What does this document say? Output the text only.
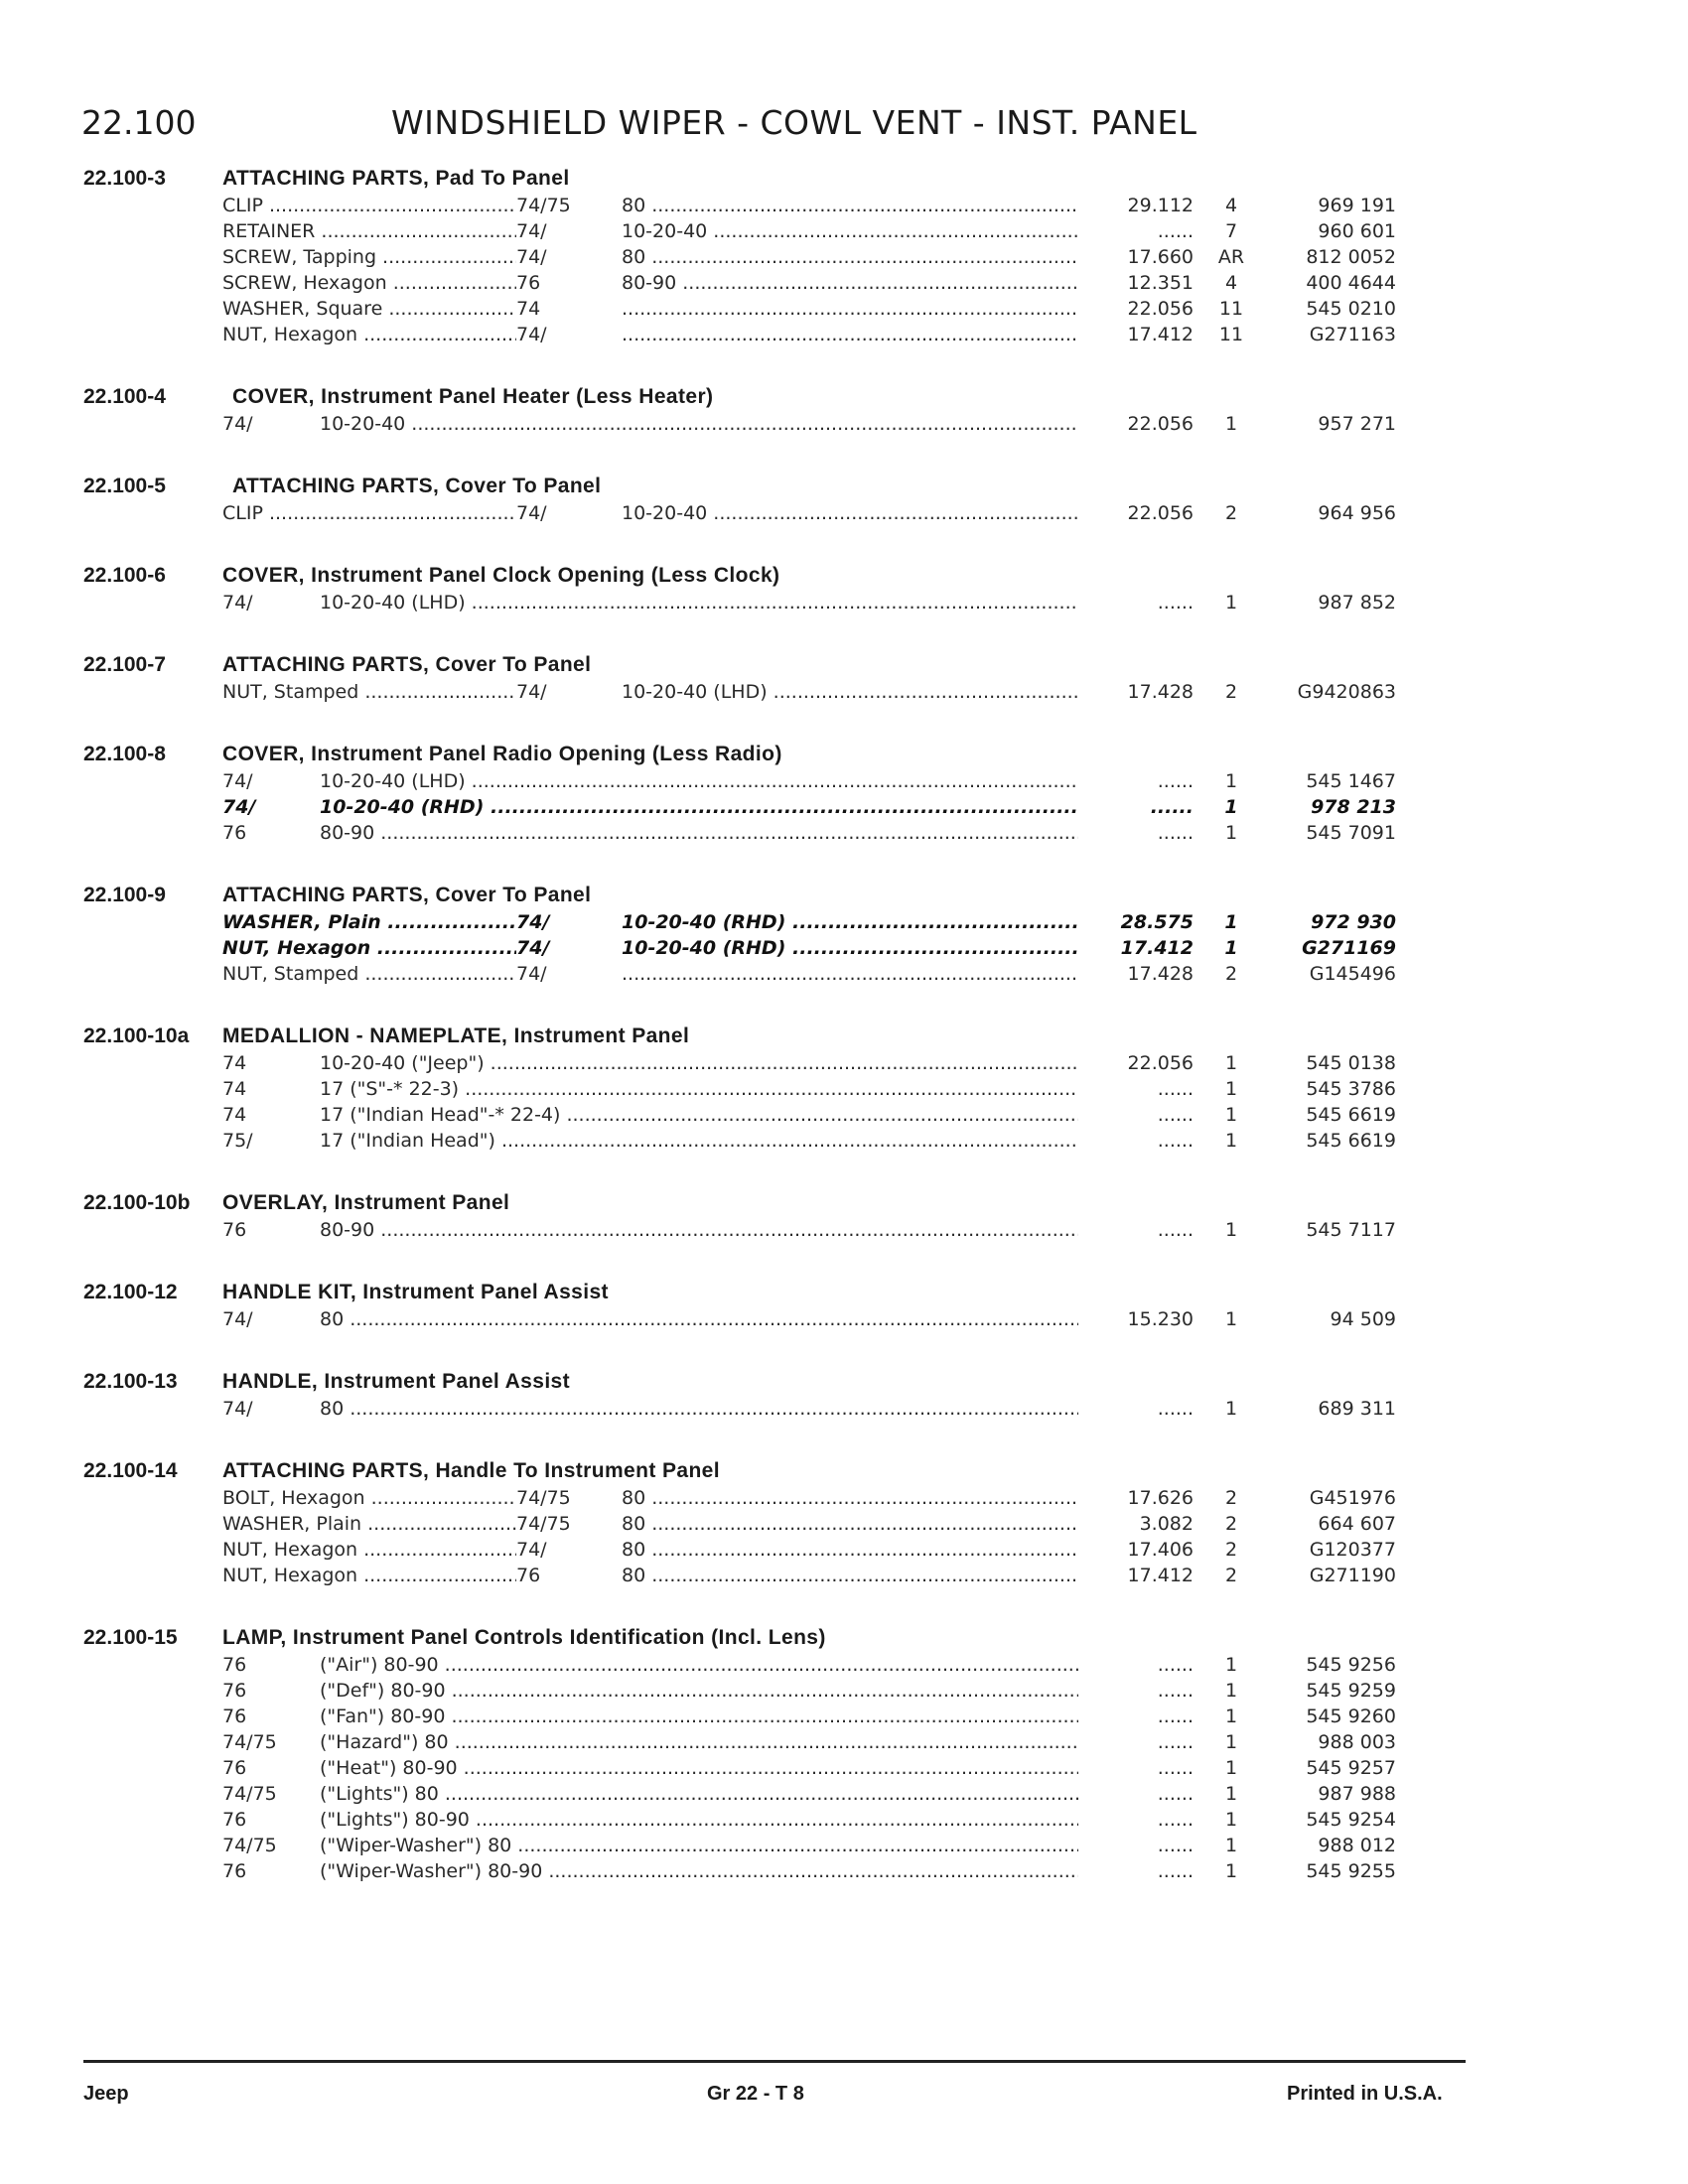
22.100	WINDSHIELD WIPER - COWL VENT - INST. PANEL
22.100-3	ATTACHING PARTS, Pad To Panel
CLIP .....	74/75	80 .....	29.112	4	969 191
RETAINER .....	74/	10-20-40 .....	......	7	960 601
SCREW, Tapping .....	74/	80 .....	17.660	AR	812 0052
SCREW, Hexagon .....	76	80-90 .....	12.351	4	400 4644
WASHER, Square .....	74 .....	22.056	11	545 0210
NUT, Hexagon .....	74/ .....	17.412	11	G271163
22.100-4	COVER, Instrument Panel Heater (Less Heater)
74/	10-20-40 .....	22.056	1	957 271
22.100-5	ATTACHING PARTS, Cover To Panel
CLIP .....	74/	10-20-40 .....	22.056	2	964 956
22.100-6	COVER, Instrument Panel Clock Opening (Less Clock)
74/	10-20-40 (LHD) .....	......	1	987 852
22.100-7	ATTACHING PARTS, Cover To Panel
NUT, Stamped .....	74/	10-20-40 (LHD) .....	17.428	2	G9420863
22.100-8	COVER, Instrument Panel Radio Opening (Less Radio)
74/	10-20-40 (LHD) .....	......	1	545 1467
74/	10-20-40 (RHD) .....	......	1	978 213
76	80-90 .....	......	1	545 7091
22.100-9	ATTACHING PARTS, Cover To Panel
WASHER, Plain .....	74/	10-20-40 (RHD) .....	28.575	1	972 930
NUT, Hexagon .....	74/	10-20-40 (RHD) .....	17.412	1	G271169
NUT, Stamped .....	74/ .....	17.428	2	G145496
22.100-10a MEDALLION - NAMEPLATE, Instrument Panel
74	10-20-40 ("Jeep") .....	22.056	1	545 0138
74	17 ("S"-* 22-3) .....	......	1	545 3786
74	17 ("Indian Head"-* 22-4) .....	......	1	545 6619
75/	17 ("Indian Head") .....	......	1	545 6619
22.100-10b OVERLAY, Instrument Panel
76	80-90 .....	......	1	545 7117
22.100-12 HANDLE KIT, Instrument Panel Assist
74/	80 .....	15.230	1	94 509
22.100-13 HANDLE, Instrument Panel Assist
74/	80 .....	......	1	689 311
22.100-14 ATTACHING PARTS, Handle To Instrument Panel
BOLT, Hexagon .....	74/75	80 .....	17.626	2	G451976
WASHER, Plain .....	74/75	80 .....	3.082	2	664 607
NUT, Hexagon .....	74/	80 .....	17.406	2	G120377
NUT, Hexagon .....	76	80 .....	17.412	2	G271190
22.100-15 LAMP, Instrument Panel Controls Identification (Incl. Lens)
76	("Air") 80-90 .....	......	1	545 9256
76	("Def") 80-90 .....	......	1	545 9259
76	("Fan") 80-90 .....	......	1	545 9260
74/75	("Hazard") 80 .....	......	1	988 003
76	("Heat") 80-90 .....	......	1	545 9257
74/75	("Lights") 80 .....	......	1	987 988
76	("Lights") 80-90 .....	......	1	545 9254
74/75	("Wiper-Washer") 80 .....	......	1	988 012
76	("Wiper-Washer") 80-90 .....	......	1	545 9255
Jeep	Gr 22 - T 8	Printed in U.S.A.
